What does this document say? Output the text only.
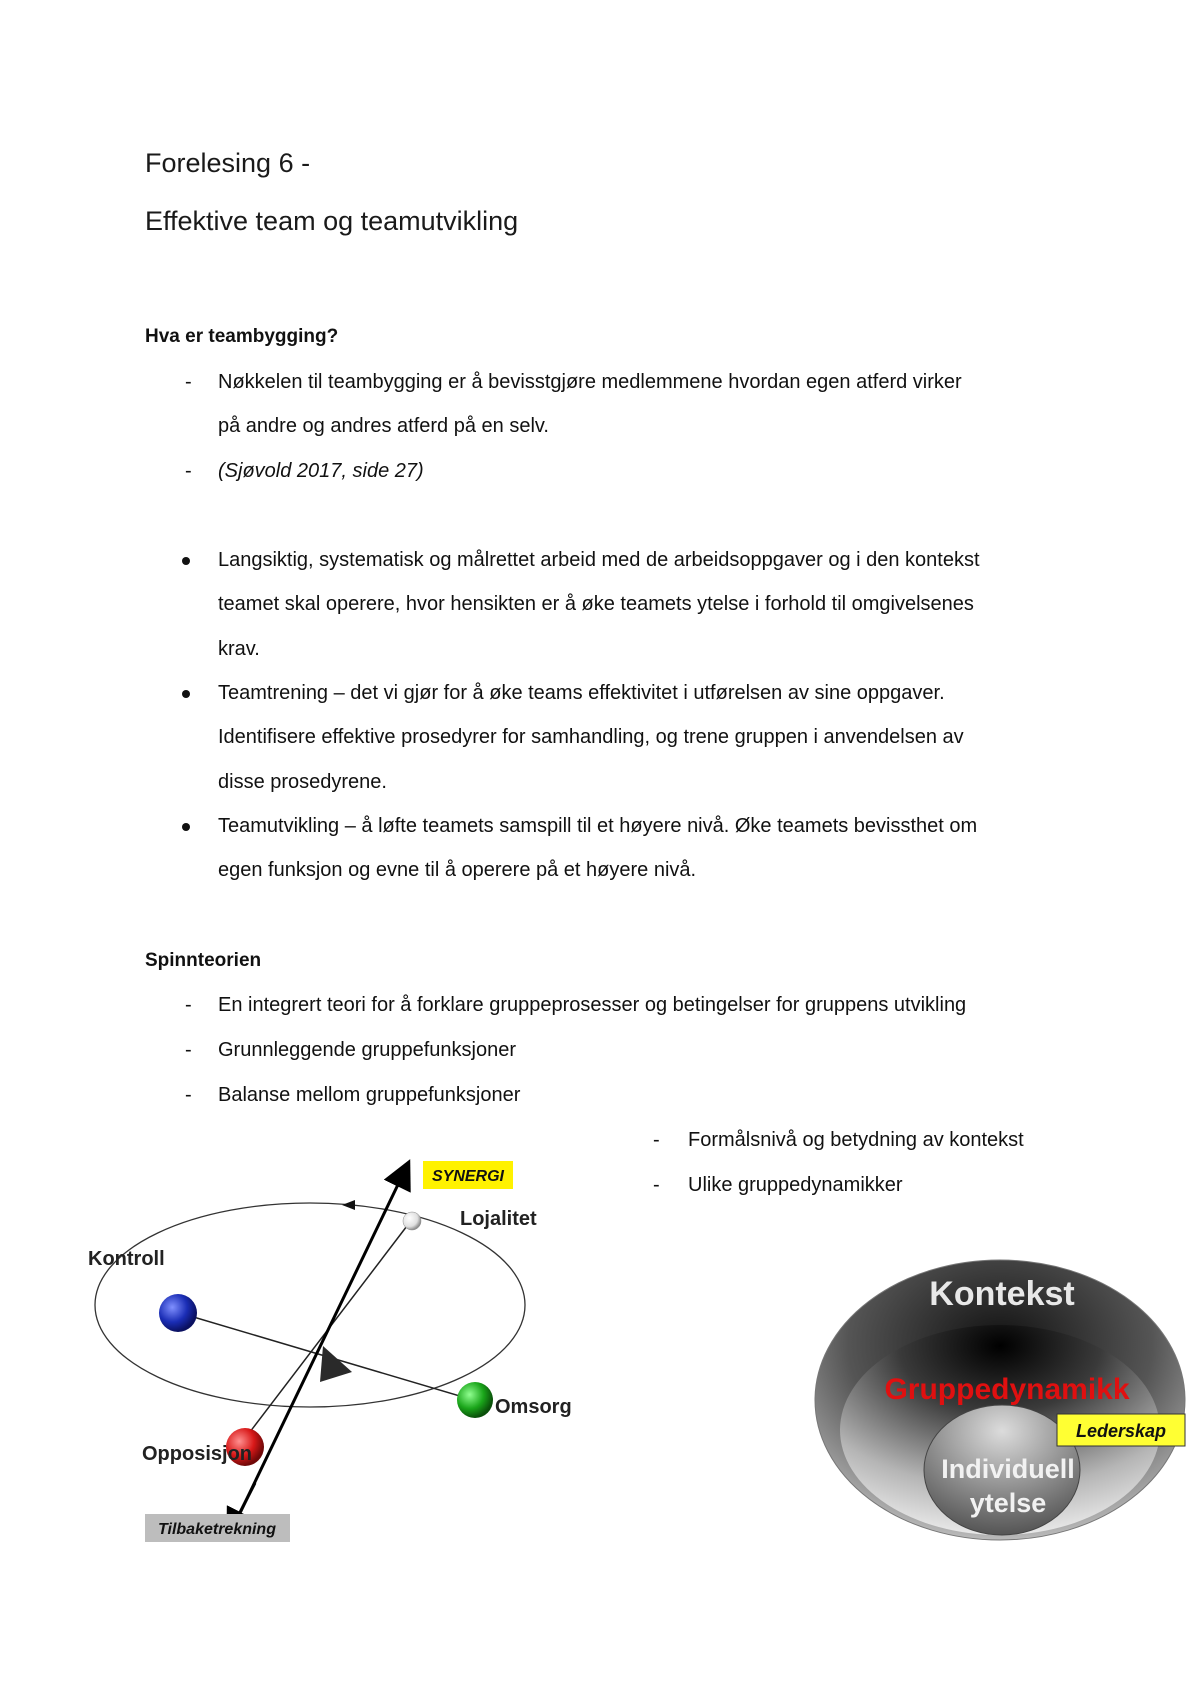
Forelesing 6 -
Effektive team og teamutvikling
Hva er teambygging?
- Nøkkelen til teambygging er å bevisstgjøre medlemmene hvordan egen atferd virker
på andre og andres atferd på en selv.
- (Sjøvold 2017, side 27)
Langsiktig, systematisk og målrettet arbeid med de arbeidsoppgaver og i den kontekst
teamet skal operere, hvor hensikten er å øke teamets ytelse i forhold til omgivelsenes
krav.
Teamtrening – det vi gjør for å øke teams effektivitet i utførelsen av sine oppgaver.
Identifisere effektive prosedyrer for samhandling, og trene gruppen i anvendelsen av
disse prosedyrene.
Teamutvikling – å løfte teamets samspill til et høyere nivå. Øke teamets bevissthet om
egen funksjon og evne til å operere på et høyere nivå.
Spinnteorien
- En integrert teori for å forklare gruppeprosesser og betingelser for gruppens utvikling
- Grunnleggende gruppefunksjoner
- Balanse mellom gruppefunksjoner
- Formålsnivå og betydning av kontekst
- Ulike gruppedynamikker
SYNERGI
Lojalitet
Kontroll
Omsorg
Opposisjon
Tilbaketrekning
Kontekst
Gruppedynamikk
Lederskap
Individuell
ytelse
